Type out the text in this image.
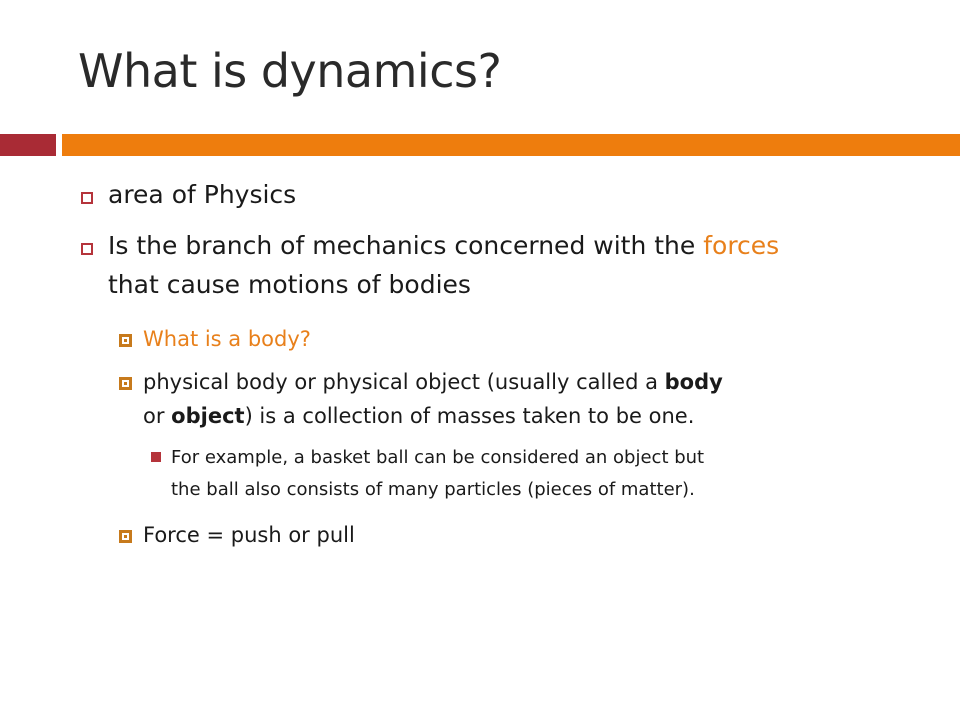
What is dynamics?
area of Physics
Is the branch of mechanics concerned with the forces
that cause motions of bodies
What is a body?
physical body or physical object (usually called a body
or object) is a collection of masses taken to be one.
For example, a basket ball can be considered an object but
the ball also consists of many particles (pieces of matter).
Force = push or pull
